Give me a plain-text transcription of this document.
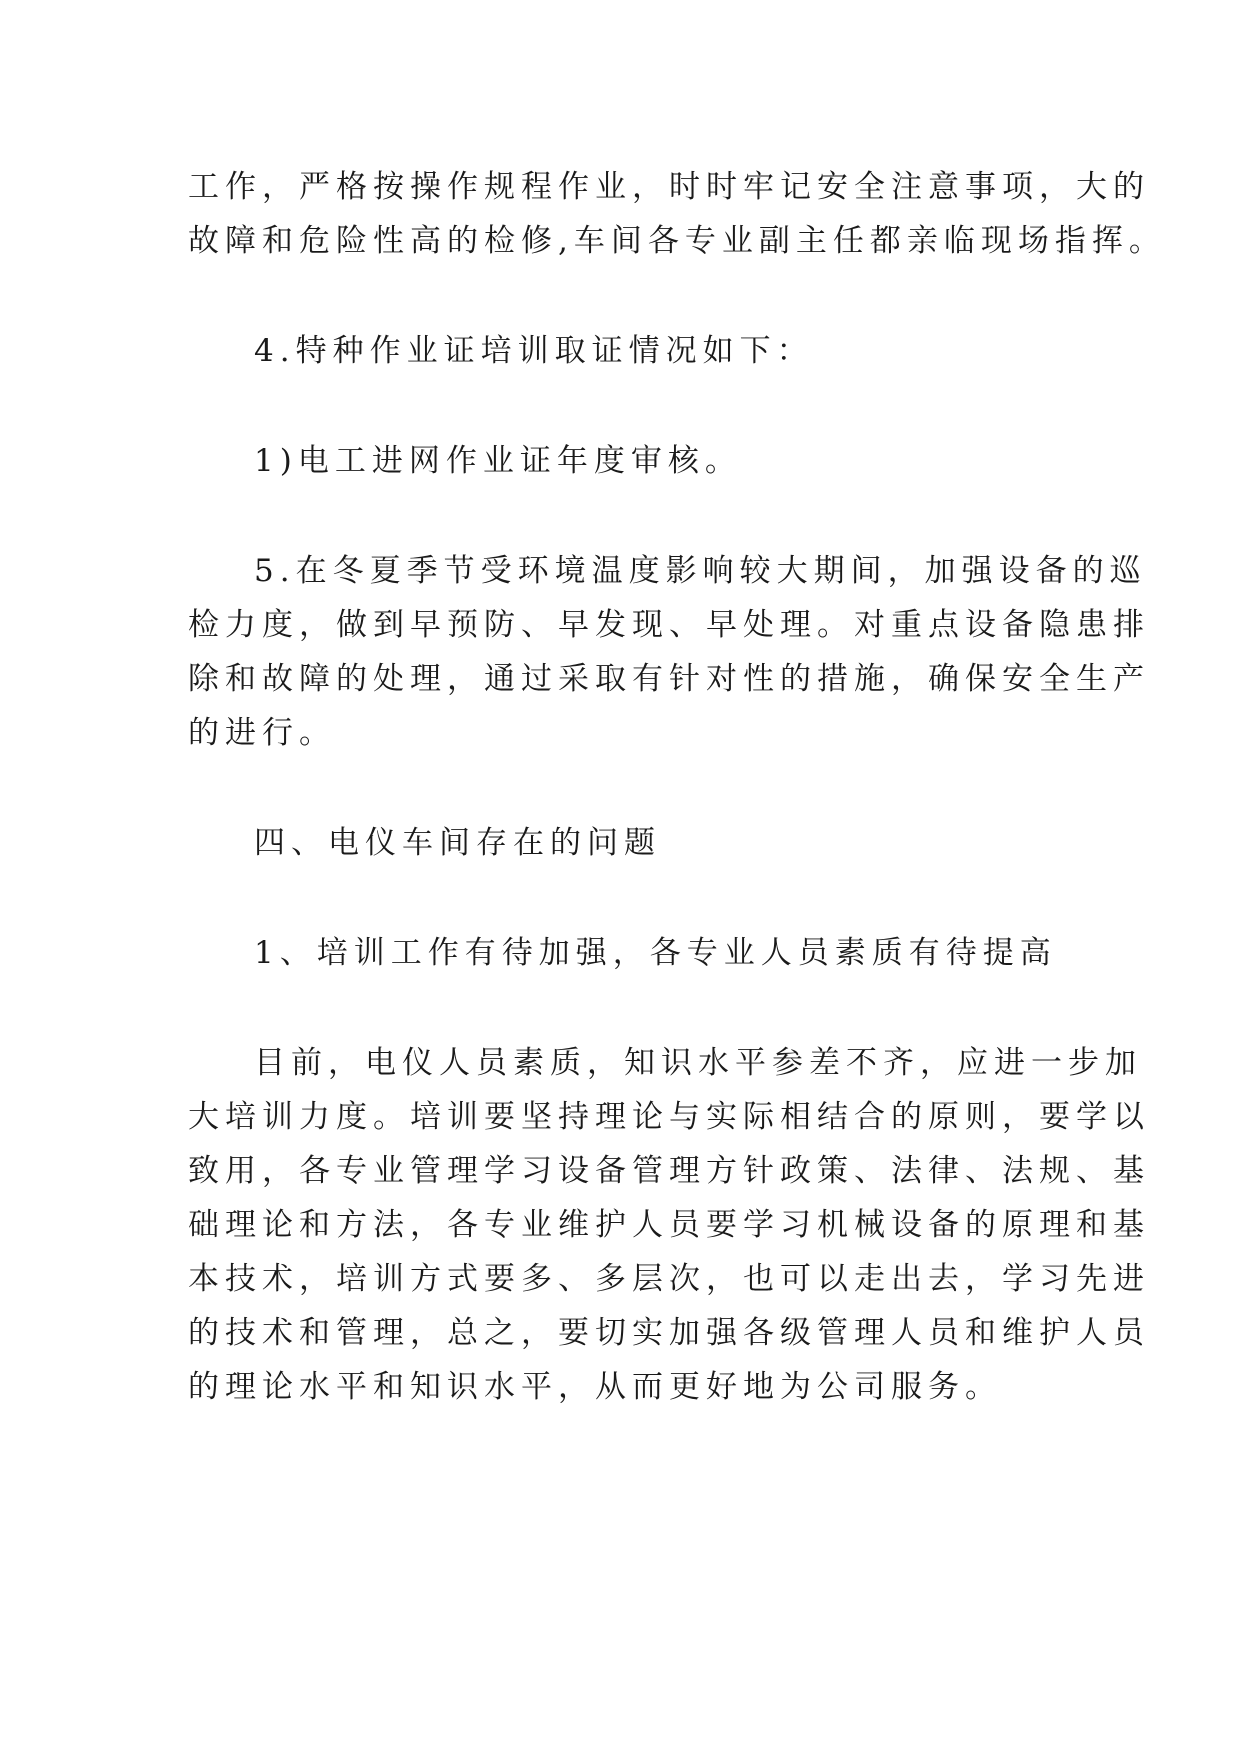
工作，严格按操作规程作业，时时牢记安全注意事项，大的
故障和危险性高的检修,车间各专业副主任都亲临现场指挥。

4.特种作业证培训取证情况如下：

1)电工进网作业证年度审核。

5.在冬夏季节受环境温度影响较大期间，加强设备的巡
检力度，做到早预防、早发现、早处理。对重点设备隐患排
除和故障的处理，通过采取有针对性的措施，确保安全生产
的进行。

四、电仪车间存在的问题

1、培训工作有待加强，各专业人员素质有待提高

目前，电仪人员素质，知识水平参差不齐，应进一步加
大培训力度。培训要坚持理论与实际相结合的原则，要学以
致用，各专业管理学习设备管理方针政策、法律、法规、基
础理论和方法，各专业维护人员要学习机械设备的原理和基
本技术，培训方式要多、多层次，也可以走出去，学习先进
的技术和管理，总之，要切实加强各级管理人员和维护人员
的理论水平和知识水平，从而更好地为公司服务。
